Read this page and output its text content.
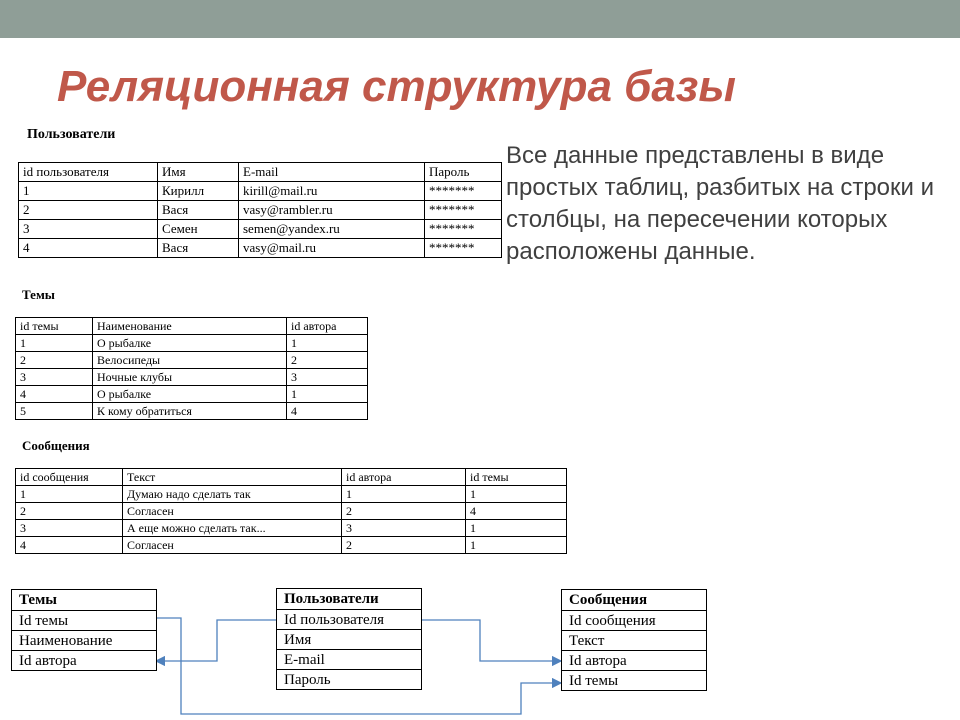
Реляционная структура базы
Все данные представлены в виде простых таблиц, разбитых на строки и столбцы, на пересечении которых расположены данные.
Пользователи
id пользователя	Имя	E-mail	Пароль
1	Кирилл	kirill@mail.ru	*******
2	Вася	vasy@rambler.ru	*******
3	Семен	semen@yandex.ru	*******
4	Вася	vasy@mail.ru	*******
Темы
id темы	Наименование	id автора
1	О рыбалке	1
2	Велосипеды	2
3	Ночные клубы	3
4	О рыбалке	1
5	К кому обратиться	4
Сообщения
id сообщения	Текст	id автора	id темы
1	Думаю надо сделать так	1	1
2	Согласен	2	4
3	А еще можно сделать так...	3	1
4	Согласен	2	1
Темы
Id темы
Наименование
Id автора
Пользователи
Id пользователя
Имя
E-mail
Пароль
Сообщения
Id сообщения
Текст
Id автора
Id темы
